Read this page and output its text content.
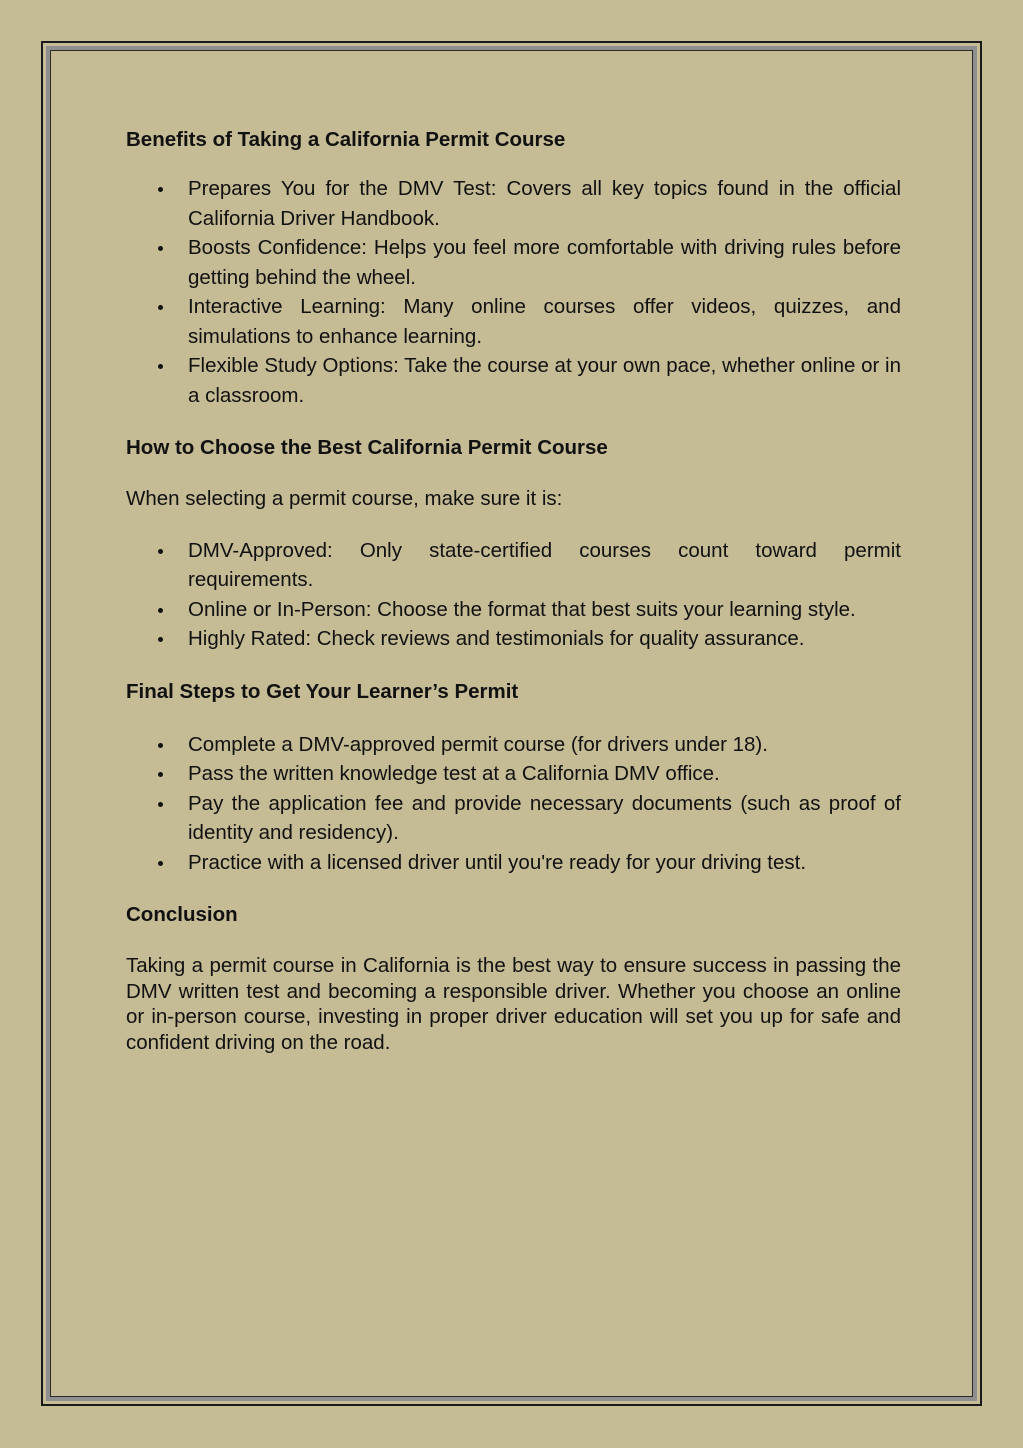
Benefits of Taking a California Permit Course
Prepares You for the DMV Test: Covers all key topics found in the official California Driver Handbook.
Boosts Confidence: Helps you feel more comfortable with driving rules before getting behind the wheel.
Interactive Learning: Many online courses offer videos, quizzes, and simulations to enhance learning.
Flexible Study Options: Take the course at your own pace, whether online or in a classroom.
How to Choose the Best California Permit Course

When selecting a permit course, make sure it is:

DMV-Approved: Only state-certified courses count toward permit requirements.
Online or In-Person: Choose the format that best suits your learning style.
Highly Rated: Check reviews and testimonials for quality assurance.
Final Steps to Get Your Learner’s Permit
Complete a DMV-approved permit course (for drivers under 18).
Pass the written knowledge test at a California DMV office.
Pay the application fee and provide necessary documents (such as proof of identity and residency).
Practice with a licensed driver until you're ready for your driving test.
Conclusion

Taking a permit course in California is the best way to ensure success in passing the DMV written test and becoming a responsible driver. Whether you choose an online or in-person course, investing in proper driver education will set you up for safe and confident driving on the road.
